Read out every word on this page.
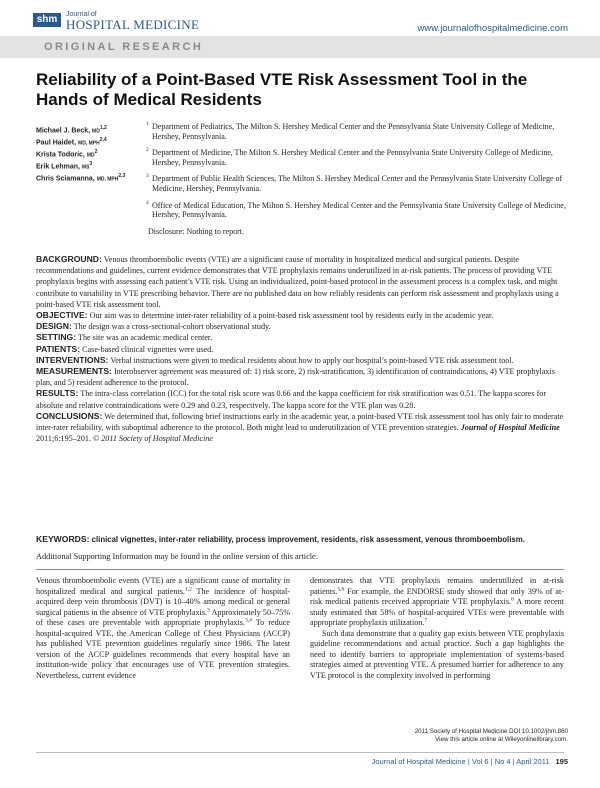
shm	Journal of
HOSPITAL MEDICINE	www.journalofhospitalmedicine.com
ORIGINAL RESEARCH
Reliability of a Point-Based VTE Risk Assessment Tool in the Hands of Medical Residents
Michael J. Beck, MD$^{1,2}$
Paul Haidet, MD, MPH$^{2,4}$
Krista Todoric, $MD^2$
Erik Lehman, $MS^3$
Chris Sciamanna, MD, MPH$^{2,3}$
1 Department of Pediatrics, The Milton S. Hershey Medical Center and the Pennsylvania State University College of Medicine, Hershey, Pennsylvania.
2 Department of Medicine, The Milton S. Hershey Medical Center and the Pennsylvania State University College of Medicine, Hershey, Pennsylvania.
3 Department of Public Health Sciences, The Milton S. Hershey Medical Center and the Pennsylvania State University College of Medicine, Hershey, Pennsylvania.
4 Office of Medical Education, The Milton S. Hershey Medical Center and the Pennsylvania State University College of Medicine, Hershey, Pennsylvania.
Disclosure: Nothing to report.

BACKGROUND: Venous thromboembolic events (VTE) are a significant cause of mortality in hospitalized medical and surgical patients. Despite recommendations and guidelines, current evidence demonstrates that VTE prophylaxis remains underutilized in at-risk patients. The process of providing VTE prophylaxis begins with assessing each patient’s VTE risk. Using an individualized, point-based protocol in the assessment process is a complex task, and might contribute to variability in VTE prescribing behavior. There are no published data on how reliably residents can perform risk assessment and prophylaxis using a point-based VTE risk assessment tool.

OBJECTIVE: Our aim was to determine inter-rater reliability of a point-based risk assessment tool by residents early in the academic year.

DESIGN: The design was a cross-sectional-cohort observational study.

SETTING: The site was an academic medical center.

PATIENTS: Case-based clinical vignettes were used.

INTERVENTIONS: Verbal instructions were given to medical residents about how to apply our hospital’s point-based VTE risk assessment tool.

MEASUREMENTS: Interobserver agreement was measured of: 1) risk score, 2) risk-stratification, 3) identification of contraindications, 4) VTE prophylaxis plan, and 5) resident adherence to the protocol.

RESULTS: The intra-class correlation (ICC) for the total risk score was 0.66 and the kappa coefficient for risk stratification was 0.51. The kappa scores for absolute and relative contraindications were 0.29 and 0.23, respectively. The kappa score for the VTE plan was 0.28.

CONCLUSIONS: We determined that, following brief instructions early in the academic year, a point-based VTE risk assessment tool has only fair to moderate inter-rater reliability, with suboptimal adherence to the protocol. Both might lead to underutilization of VTE prevention strategies. Journal of Hospital Medicine 2011;6:195–201. © 2011 Society of Hospital Medicine

KEYWORDS: clinical vignettes, inter-rater reliability, process improvement, residents, risk assessment, venous thromboembolism.
Additional Supporting Information may be found in the online version of this article.

Venous thromboembolic events (VTE) are a significant cause of mortality in hospitalized medical and surgical patients.$^{1,2}$ The incidence of hospital-acquired deep vein thrombosis (DVT) is 10–40% among medical or general surgical patients in the absence of VTE prophylaxis.$^3$ Approximately 50–75% of these cases are preventable with appropriate prophylaxis.$^{3,4}$ To reduce hospital-acquired VTE, the American College of Chest Physicians (ACCP) has published VTE prevention guidelines regularly since 1986. The latest version of the ACCP guidelines recommends that every hospital have an institution-wide policy that encourages use of VTE prevention strategies. Nevertheless, current evidence

demonstrates that VTE prophylaxis remains underutilized in at-risk patients.$^{5,6}$ For example, the ENDORSE study showed that only 39% of at-risk medical patients received appropriate VTE prophylaxis.$^6$ A more recent study estimated that 58% of hospital-acquired VTEs were preventable with appropriate prophylaxis utilization.$^7$

Such data demonstrate that a quality gap exists between VTE prophylaxis guideline recommendations and actual practice. Such a gap highlights the need to identify barriers to appropriate implementation of systems-based strategies aimed at preventing VTE. A presumed barrier for adherence to any VTE protocol is the complexity involved in performing

2011 Society of Hospital Medicine DOI 10.1002/jhm.860
View this article online at Wileyonlinelibrary.com.
Journal of Hospital Medicine | Vol 6 | No 4 | April 2011 195
